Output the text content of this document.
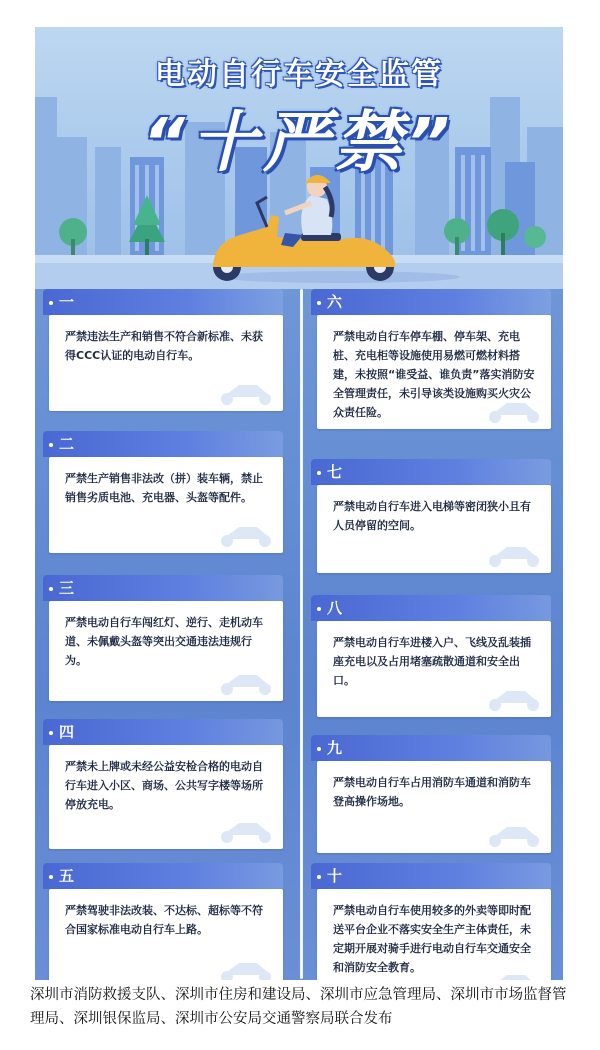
电动自行车安全监管
“十严禁”
一
严禁违法生产和销售不符合新标准、未获得CCC认证的电动自行车。
二
严禁生产销售非法改（拼）装车辆，禁止销售劣质电池、充电器、头盔等配件。
三
严禁电动自行车闯红灯、逆行、走机动车道、未佩戴头盔等突出交通违法违规行为。
四
严禁未上牌或未经公益安检合格的电动自行车进入小区、商场、公共写字楼等场所停放充电。
五
严禁驾驶非法改装、不达标、超标等不符合国家标准电动自行车上路。
六
严禁电动自行车停车棚、停车架、充电桩、充电柜等设施使用易燃可燃材料搭建，未按照“谁受益、谁负责”落实消防安全管理责任，未引导该类设施购买火灾公众责任险。
七
严禁电动自行车进入电梯等密闭狭小且有人员停留的空间。
八
严禁电动自行车进楼入户、飞线及乱装插座充电以及占用堵塞疏散通道和安全出口。
九
严禁电动自行车占用消防车通道和消防车登高操作场地。
十
严禁电动自行车使用较多的外卖等即时配送平台企业不落实安全生产主体责任，未定期开展对骑手进行电动自行车交通安全和消防安全教育。
深圳市消防救援支队、深圳市住房和建设局、深圳市应急管理局、深圳市市场监督管理局、深圳银保监局、深圳市公安局交通警察局联合发布
